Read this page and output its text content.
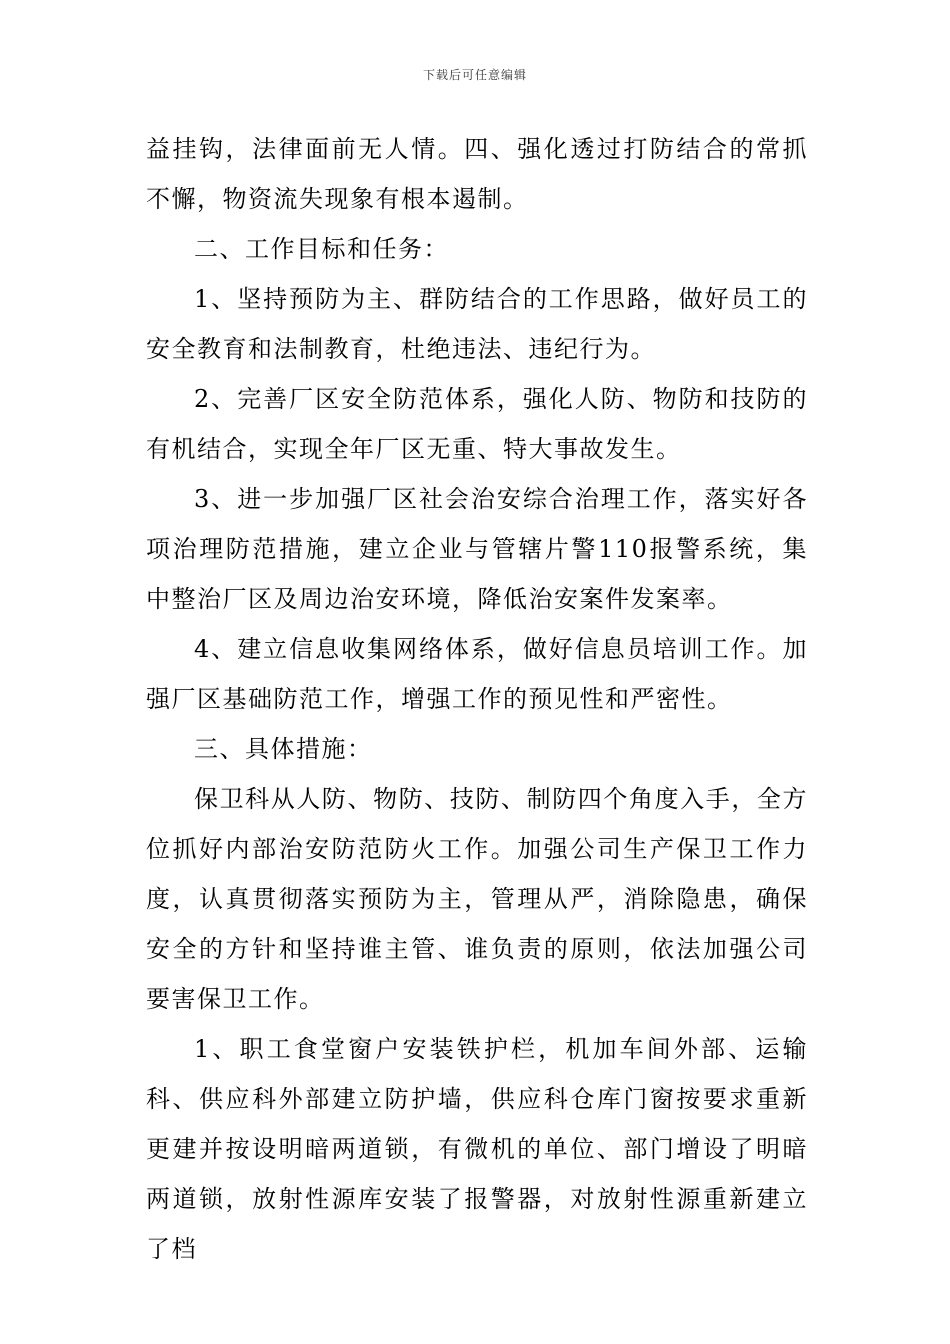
下载后可任意编辑

益挂钩，法律面前无人情。四、强化透过打防结合的常抓不懈，物资流失现象有根本遏制。

二、工作目标和任务：

1、坚持预防为主、群防结合的工作思路，做好员工的安全教育和法制教育，杜绝违法、违纪行为。

2、完善厂区安全防范体系，强化人防、物防和技防的有机结合，实现全年厂区无重、特大事故发生。

3、进一步加强厂区社会治安综合治理工作，落实好各项治理防范措施，建立企业与管辖片警110报警系统，集中整治厂区及周边治安环境，降低治安案件发案率。

4、建立信息收集网络体系，做好信息员培训工作。加强厂区基础防范工作，增强工作的预见性和严密性。

三、具体措施：

保卫科从人防、物防、技防、制防四个角度入手，全方位抓好内部治安防范防火工作。加强公司生产保卫工作力度，认真贯彻落实预防为主，管理从严，消除隐患，确保安全的方针和坚持谁主管、谁负责的原则，依法加强公司要害保卫工作。

1、职工食堂窗户安装铁护栏，机加车间外部、运输科、供应科外部建立防护墙，供应科仓库门窗按要求重新更建并按设明暗两道锁，有微机的单位、部门增设了明暗两道锁，放射性源库安装了报警器，对放射性源重新建立了档
